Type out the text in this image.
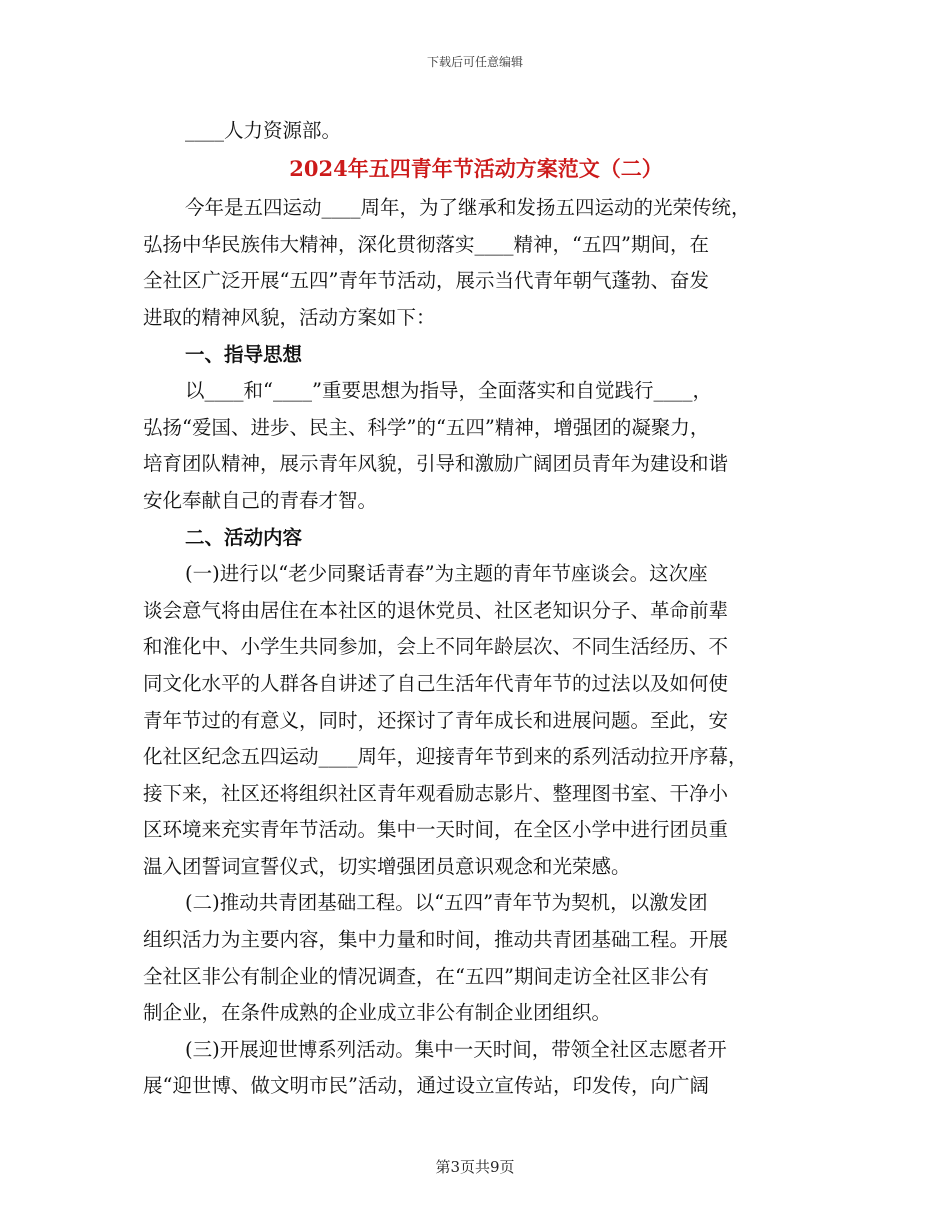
下载后可任意编辑
____人力资源部。
2024年五四青年节活动方案范文（二）
今年是五四运动____周年，为了继承和发扬五四运动的光荣传统，
弘扬中华民族伟大精神，深化贯彻落实____精神，“五四”期间，在
全社区广泛开展“五四”青年节活动，展示当代青年朝气蓬勃、奋发
进取的精神风貌，活动方案如下：
一、指导思想
以____和“____”重要思想为指导，全面落实和自觉践行____，
弘扬“爱国、进步、民主、科学”的“五四”精神，增强团的凝聚力，
培育团队精神，展示青年风貌，引导和激励广阔团员青年为建设和谐
安化奉献自己的青春才智。
二、活动内容
(一)进行以“老少同聚话青春”为主题的青年节座谈会。这次座
谈会意气将由居住在本社区的退休党员、社区老知识分子、革命前辈
和淮化中、小学生共同参加，会上不同年龄层次、不同生活经历、不
同文化水平的人群各自讲述了自己生活年代青年节的过法以及如何使
青年节过的有意义，同时，还探讨了青年成长和进展问题。至此，安
化社区纪念五四运动____周年，迎接青年节到来的系列活动拉开序幕，
接下来，社区还将组织社区青年观看励志影片、整理图书室、干净小
区环境来充实青年节活动。集中一天时间，在全区小学中进行团员重
温入团誓词宣誓仪式，切实增强团员意识观念和光荣感。
(二)推动共青团基础工程。以“五四”青年节为契机，以激发团
组织活力为主要内容，集中力量和时间，推动共青团基础工程。开展
全社区非公有制企业的情况调查，在“五四”期间走访全社区非公有
制企业，在条件成熟的企业成立非公有制企业团组织。
(三)开展迎世博系列活动。集中一天时间，带领全社区志愿者开
展“迎世博、做文明市民”活动，通过设立宣传站，印发传，向广阔
第3页共9页
